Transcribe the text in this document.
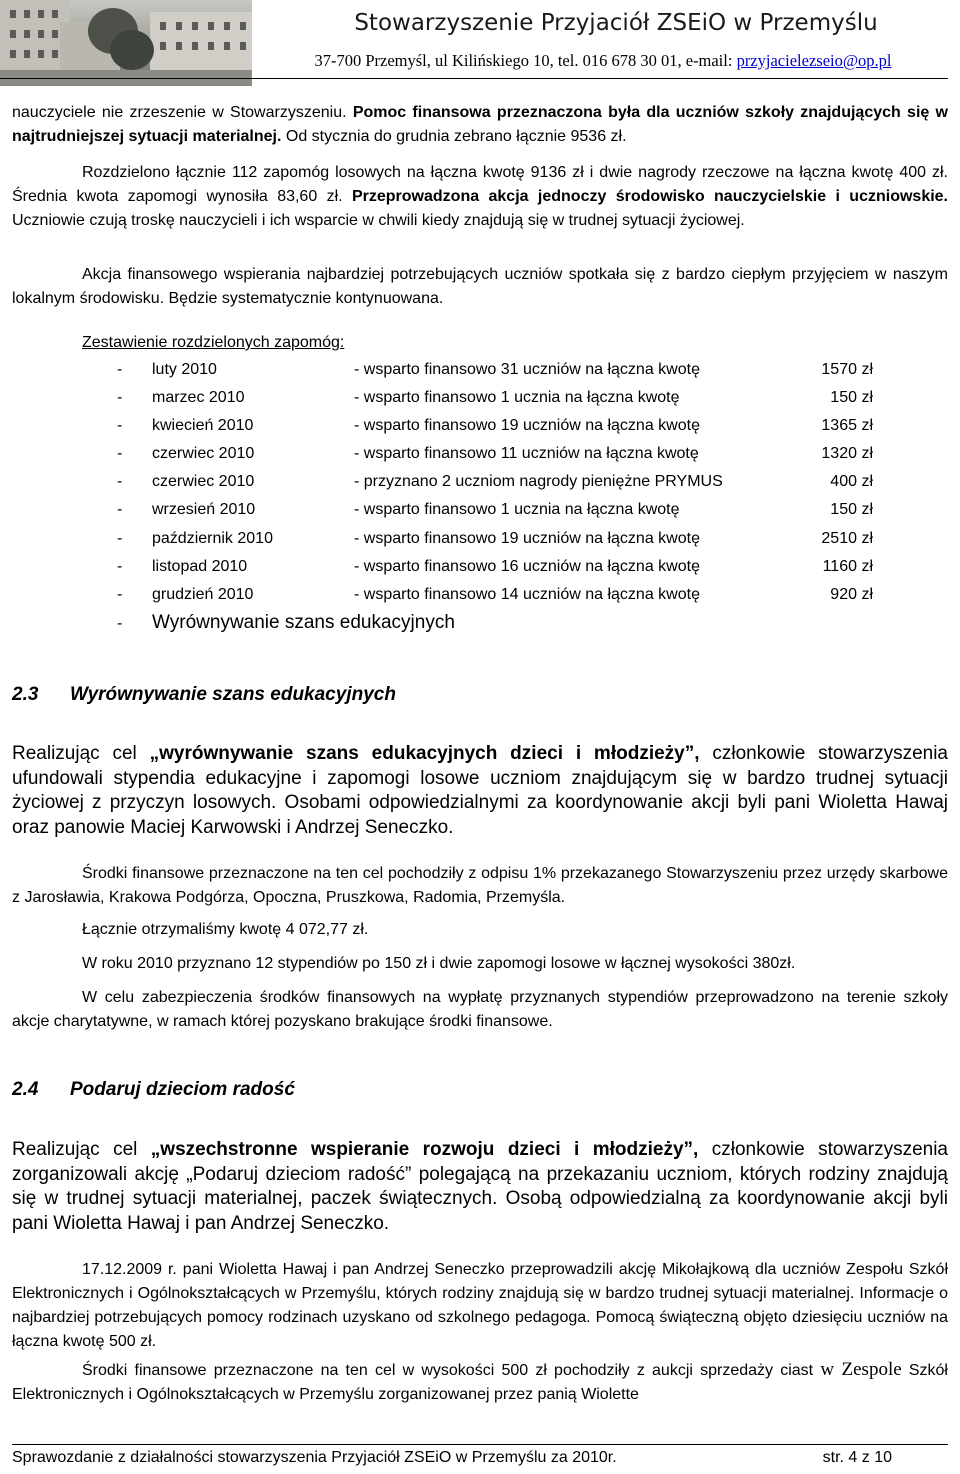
Stowarzyszenie Przyjaciół ZSEiO w Przemyślu
37-700 Przemyśl, ul Kilińskiego 10, tel. 016 678 30 01, e-mail: przyjacielezseio@op.pl
nauczyciele nie zrzeszenie w Stowarzyszeniu. Pomoc finansowa przeznaczona była dla uczniów szkoły znajdujących się w najtrudniejszej sytuacji materialnej. Od stycznia do grudnia zebrano łącznie 9536 zł.
Rozdzielono łącznie 112 zapomóg losowych na łączna kwotę 9136 zł i dwie nagrody rzeczowe na łączna kwotę 400 zł. Średnia kwota zapomogi wynosiła 83,60 zł. Przeprowadzona akcja jednoczy środowisko nauczycielskie i uczniowskie. Uczniowie czują troskę nauczycieli i ich wsparcie w chwili kiedy znajdują się w trudnej sytuacji życiowej.
Akcja finansowego wspierania najbardziej potrzebujących uczniów spotkała się z bardzo ciepłym przyjęciem w naszym lokalnym środowisku. Będzie systematycznie kontynuowana.
Zestawienie rozdzielonych zapomóg:
- luty 2010	- wsparto finansowo 31 uczniów na łączna kwotę	1570 zł
- marzec 2010	- wsparto finansowo 1 ucznia na łączna kwotę	150 zł
- kwiecień 2010	- wsparto finansowo 19 uczniów na łączna kwotę	1365 zł
- czerwiec 2010	- wsparto finansowo 11 uczniów na łączna kwotę	1320 zł
- czerwiec 2010	- przyznano 2 uczniom nagrody pieniężne PRYMUS	400 zł
- wrzesień 2010	- wsparto finansowo 1 ucznia na łączna kwotę	150 zł
- październik 2010	- wsparto finansowo 19 uczniów na łączna kwotę	2510 zł
- listopad 2010	- wsparto finansowo 16 uczniów na łączna kwotę	1160 zł
- grudzień 2010	- wsparto finansowo 14 uczniów na łączna kwotę	920 zł
- Wyrównywanie szans edukacyjnych
2.3 Wyrównywanie szans edukacyjnych
Realizując cel „wyrównywanie szans edukacyjnych dzieci i młodzieży”, członkowie stowarzyszenia ufundowali stypendia edukacyjne i zapomogi losowe uczniom znajdującym się w bardzo trudnej sytuacji życiowej z przyczyn losowych. Osobami odpowiedzialnymi za koordynowanie akcji byli pani Wioletta Hawaj oraz panowie Maciej Karwowski i Andrzej Seneczko.
Środki finansowe przeznaczone na ten cel pochodziły z odpisu 1% przekazanego Stowarzyszeniu przez urzędy skarbowe z Jarosławia, Krakowa Podgórza, Opoczna, Pruszkowa, Radomia, Przemyśla.
Łącznie otrzymaliśmy kwotę 4 072,77 zł.
W roku 2010 przyznano 12 stypendiów po 150 zł i dwie zapomogi losowe w łącznej wysokości 380zł.
W celu zabezpieczenia środków finansowych na wypłatę przyznanych stypendiów przeprowadzono na terenie szkoły akcje charytatywne, w ramach której pozyskano brakujące środki finansowe.
2.4 Podaruj dzieciom radość
Realizując cel „wszechstronne wspieranie rozwoju dzieci i młodzieży”, członkowie stowarzyszenia zorganizowali akcję „Podaruj dzieciom radość” polegającą na przekazaniu uczniom, których rodziny znajdują się w trudnej sytuacji materialnej, paczek świątecznych. Osobą odpowiedzialną za koordynowanie akcji byli pani Wioletta Hawaj i pan Andrzej Seneczko.
17.12.2009 r. pani Wioletta Hawaj i pan Andrzej Seneczko przeprowadzili akcję Mikołajkową dla uczniów Zespołu Szkół Elektronicznych i Ogólnokształcących w Przemyślu, których rodziny znajdują się w bardzo trudnej sytuacji materialnej. Informacje o najbardziej potrzebujących pomocy rodzinach uzyskano od szkolnego pedagoga. Pomocą świąteczną objęto dziesięciu uczniów na łączna kwotę 500 zł.
Środki finansowe przeznaczone na ten cel w wysokości 500 zł pochodziły z aukcji sprzedaży ciast w Zespole Szkół Elektronicznych i Ogólnokształcących w Przemyślu zorganizowanej przez panią Wiolette
Sprawozdanie z działalności stowarzyszenia Przyjaciół ZSEiO w Przemyślu za 2010r.	str. 4 z 10
